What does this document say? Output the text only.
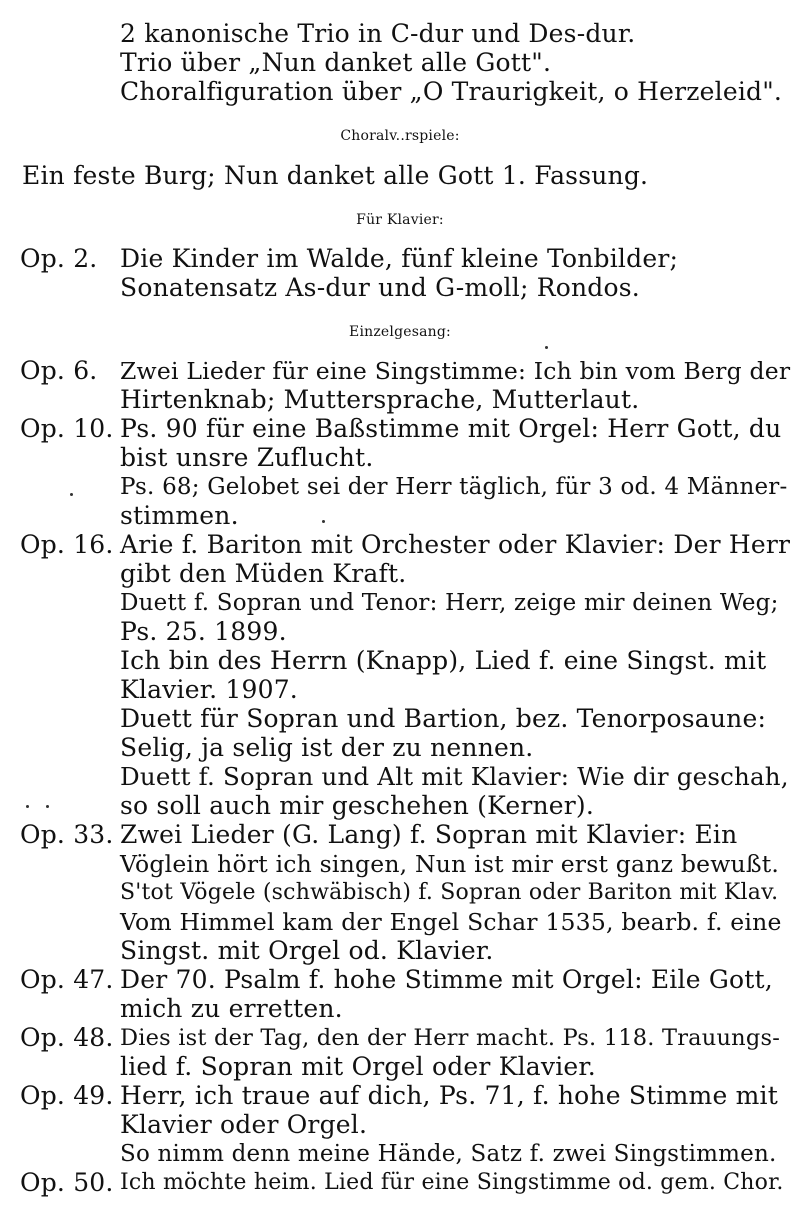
2 kanonische Trio in C-dur und Des-dur.
Trio über „Nun danket alle Gott".
Choralfiguration über „O Traurigkeit, o Herzeleid".
Choralv..rspiele:
Ein feste Burg; Nun danket alle Gott 1. Fassung.
Für Klavier:
Op. 2. Die Kinder im Walde, fünf kleine Tonbilder;
Sonatensatz As-dur und G-moll; Rondos.
Einzelgesang:
Op. 6. Zwei Lieder für eine Singstimme: Ich bin vom Berg der
Hirtenknab; Muttersprache, Mutterlaut.
Op. 10. Ps. 90 für eine Baßstimme mit Orgel: Herr Gott, du
bist unsre Zuflucht.
Ps. 68; Gelobet sei der Herr täglich, für 3 od. 4 Männer-
stimmen.
Op. 16. Arie f. Bariton mit Orchester oder Klavier: Der Herr
gibt den Müden Kraft.
Duett f. Sopran und Tenor: Herr, zeige mir deinen Weg;
Ps. 25. 1899.
Ich bin des Herrn (Knapp), Lied f. eine Singst. mit
Klavier. 1907.
Duett für Sopran und Bartion, bez. Tenorposaune:
Selig, ja selig ist der zu nennen.
Duett f. Sopran und Alt mit Klavier: Wie dir geschah,
so soll auch mir geschehen (Kerner).
Op. 33. Zwei Lieder (G. Lang) f. Sopran mit Klavier: Ein
Vöglein hört ich singen, Nun ist mir erst ganz bewußt.
S'tot Vögele (schwäbisch) f. Sopran oder Bariton mit Klav.
Vom Himmel kam der Engel Schar 1535, bearb. f. eine
Singst. mit Orgel od. Klavier.
Op. 47. Der 70. Psalm f. hohe Stimme mit Orgel: Eile Gott,
mich zu erretten.
Op. 48. Dies ist der Tag, den der Herr macht. Ps. 118. Trauungs-
lied f. Sopran mit Orgel oder Klavier.
Op. 49. Herr, ich traue auf dich, Ps. 71, f. hohe Stimme mit
Klavier oder Orgel.
So nimm denn meine Hände, Satz f. zwei Singstimmen.
Op. 50. Ich möchte heim. Lied für eine Singstimme od. gem. Chor.
